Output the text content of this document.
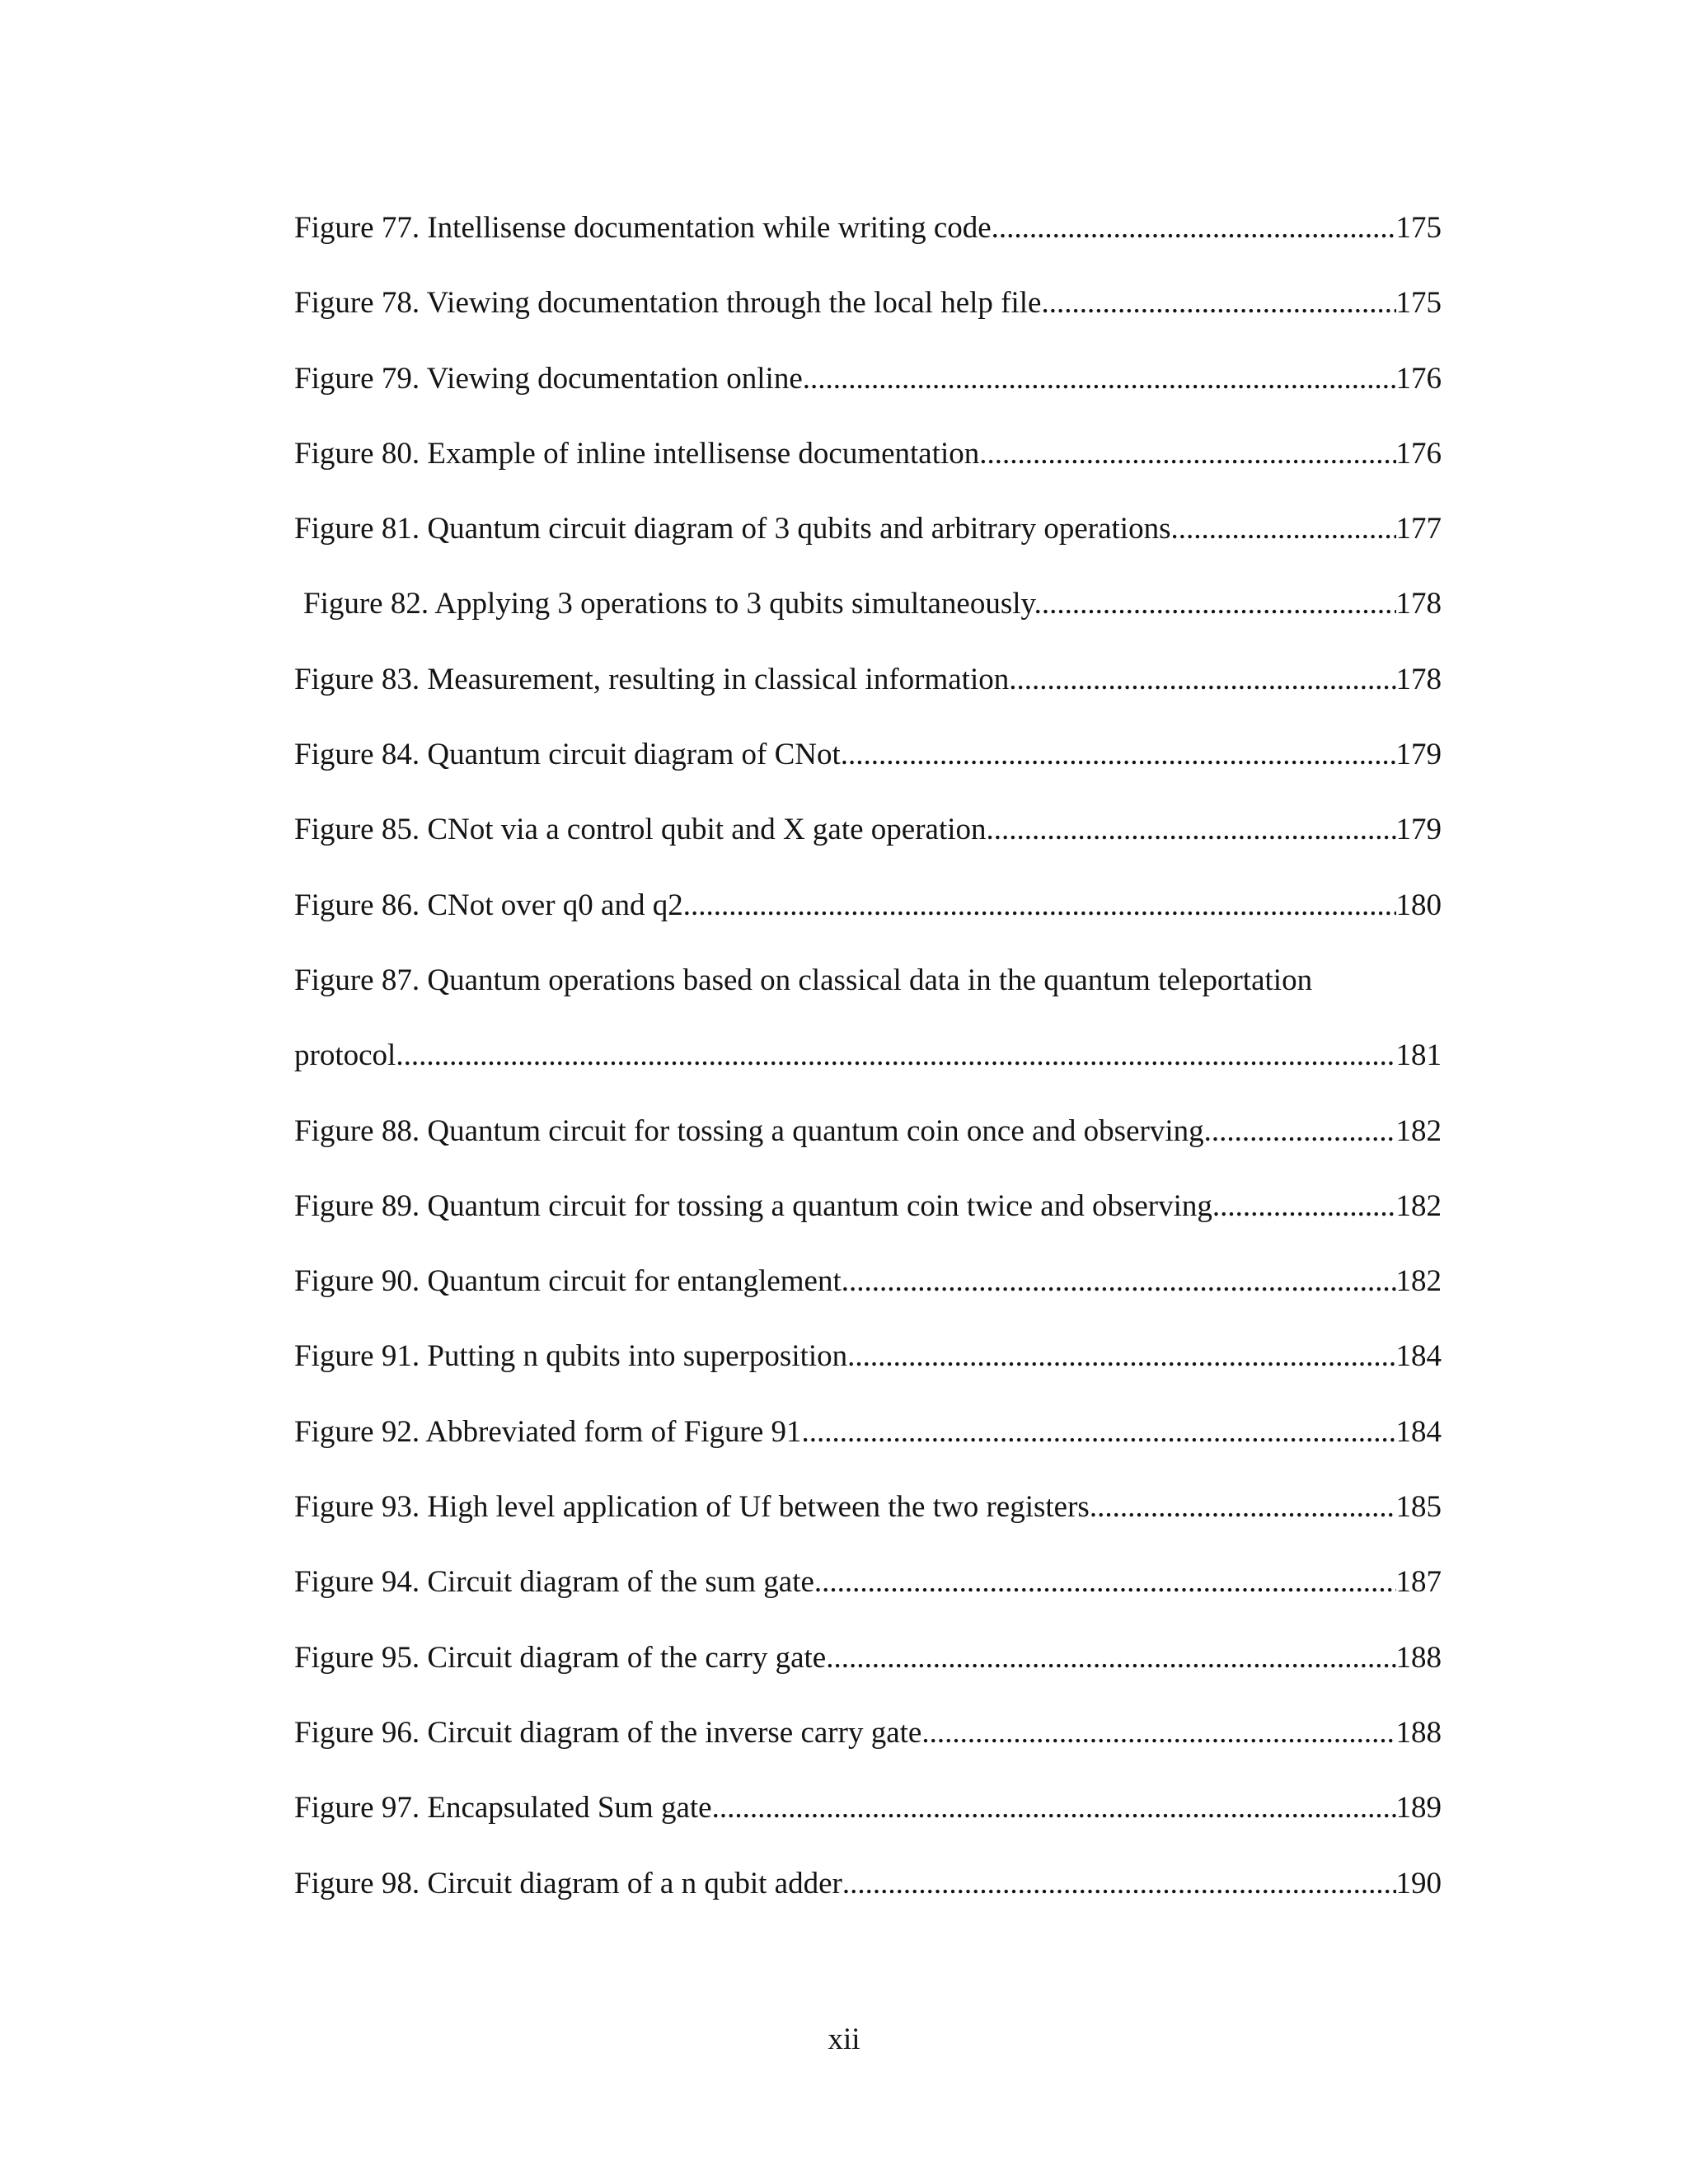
Figure 77. Intellisense documentation while writing code .....	175
Figure 78. Viewing documentation through the local help file .....	175
Figure 79. Viewing documentation online .....	176
Figure 80. Example of inline intellisense documentation .....	176
Figure 81. Quantum circuit diagram of 3 qubits and arbitrary operations .....	177
Figure 82. Applying 3 operations to 3 qubits simultaneously. .....	178
Figure 83. Measurement, resulting in classical information .....	178
Figure 84. Quantum circuit diagram of CNot .....	179
Figure 85. CNot via a control qubit and X gate operation .....	179
Figure 86. CNot over q0 and q2 .....	180
Figure 87. Quantum operations based on classical data in the quantum teleportation
protocol .....	181
Figure 88. Quantum circuit for tossing a quantum coin once and observing .....	182
Figure 89. Quantum circuit for tossing a quantum coin twice and observing .....	182
Figure 90. Quantum circuit for entanglement .....	182
Figure 91. Putting n qubits into superposition .....	184
Figure 92. Abbreviated form of Figure 91 .....	184
Figure 93. High level application of Uf between the two registers .....	185
Figure 94. Circuit diagram of the sum gate .....	187
Figure 95. Circuit diagram of the carry gate .....	188
Figure 96. Circuit diagram of the inverse carry gate .....	188
Figure 97. Encapsulated Sum gate .....	189
Figure 98. Circuit diagram of a n qubit adder .....	190
xii
